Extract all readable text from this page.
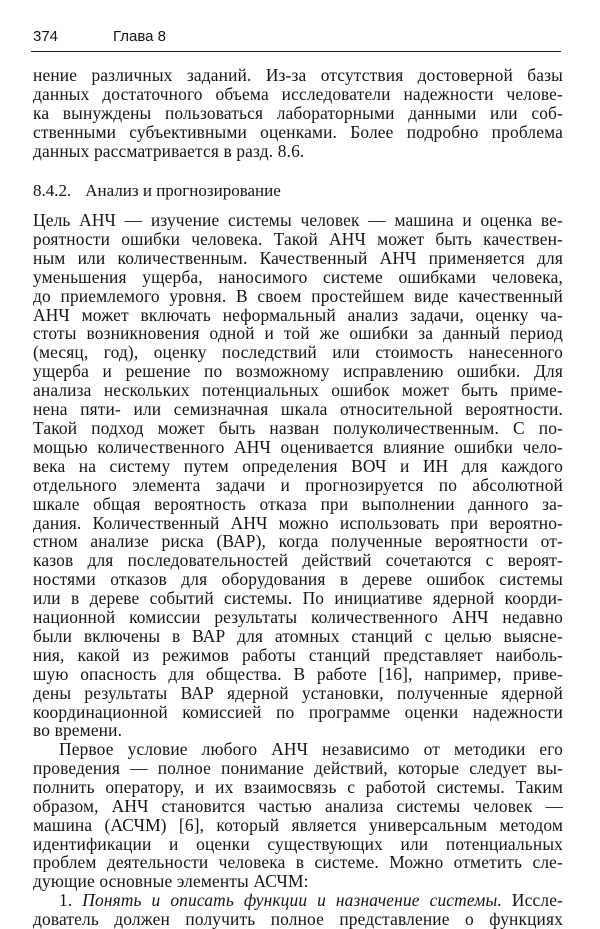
374	Глава 8
нение различных заданий. Из-за отсутствия достоверной базы
данных достаточного объема исследователи надежности челове-
ка вынуждены пользоваться лабораторными данными или соб-
ственными субъективными оценками. Более подробно проблема
данных рассматривается в разд. 8.6.
8.4.2. Анализ и прогнозирование
Цель АНЧ — изучение системы человек — машина и оценка ве-
роятности ошибки человека. Такой АНЧ может быть качествен-
ным или количественным. Качественный АНЧ применяется для
уменьшения ущерба, наносимого системе ошибками человека,
до приемлемого уровня. В своем простейшем виде качественный
АНЧ может включать неформальный анализ задачи, оценку ча-
стоты возникновения одной и той же ошибки за данный период
(месяц, год), оценку последствий или стоимость нанесенного
ущерба и решение по возможному исправлению ошибки. Для
анализа нескольких потенциальных ошибок может быть приме-
нена пяти- или семизначная шкала относительной вероятности.
Такой подход может быть назван полуколичественным. С по-
мощью количественного АНЧ оценивается влияние ошибки чело-
века на систему путем определения ВОЧ и ИН для каждого
отдельного элемента задачи и прогнозируется по абсолютной
шкале общая вероятность отказа при выполнении данного за-
дания. Количественный АНЧ можно использовать при вероятно-
стном анализе риска (ВАР), когда полученные вероятности от-
казов для последовательностей действий сочетаются с вероят-
ностями отказов для оборудования в дереве ошибок системы
или в дереве событий системы. По инициативе ядерной коорди-
национной комиссии результаты количественного АНЧ недавно
были включены в ВАР для атомных станций с целью выясне-
ния, какой из режимов работы станций представляет наиболь-
шую опасность для общества. В работе [16], например, приве-
дены результаты ВАР ядерной установки, полученные ядерной
координационной комиссией по программе оценки надежности
во времени.
Первое условие любого АНЧ независимо от методики его
проведения — полное понимание действий, которые следует вы-
полнить оператору, и их взаимосвязь с работой системы. Таким
образом, АНЧ становится частью анализа системы человек —
машина (АСЧМ) [6], который является универсальным методом
идентификации и оценки существующих или потенциальных
проблем деятельности человека в системе. Можно отметить сле-
дующие основные элементы АСЧМ:
1. Понять и описать функции и назначение системы. Иссле-
дователь должен получить полное представление о функциях
